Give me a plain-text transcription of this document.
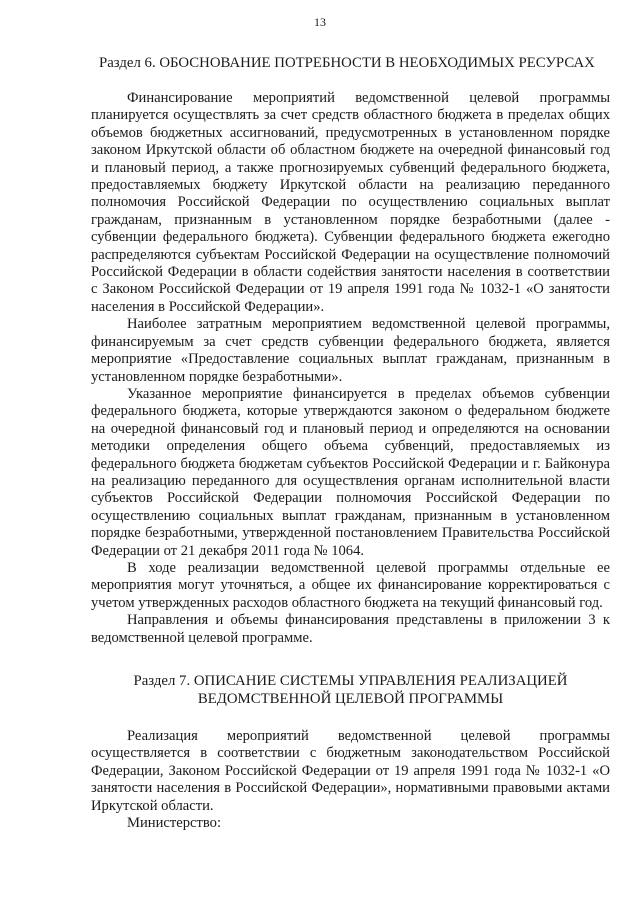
13
Раздел 6. ОБОСНОВАНИЕ ПОТРЕБНОСТИ В НЕОБХОДИМЫХ РЕСУРСАХ

Финансирование мероприятий ведомственной целевой программы планируется осуществлять за счет средств областного бюджета в пределах общих объемов бюджетных ассигнований, предусмотренных в установленном порядке законом Иркутской области об областном бюджете на очередной финансовый год и плановый период, а также прогнозируемых субвенций федерального бюджета, предоставляемых бюджету Иркутской области на реализацию переданного полномочия Российской Федерации по осуществлению социальных выплат гражданам, признанным в установленном порядке безработными (далее - субвенции федерального бюджета). Субвенции федерального бюджета ежегодно распределяются субъектам Российской Федерации на осуществление полномочий Российской Федерации в области содействия занятости населения в соответствии с Законом Российской Федерации от 19 апреля 1991 года № 1032-1 «О занятости населения в Российской Федерации».

Наиболее затратным мероприятием ведомственной целевой программы, финансируемым за счет средств субвенции федерального бюджета, является мероприятие «Предоставление социальных выплат гражданам, признанным в установленном порядке безработными».

Указанное мероприятие финансируется в пределах объемов субвенции федерального бюджета, которые утверждаются законом о федеральном бюджете на очередной финансовый год и плановый период и определяются на основании методики определения общего объема субвенций, предоставляемых из федерального бюджета бюджетам субъектов Российской Федерации и г. Байконура на реализацию переданного для осуществления органам исполнительной власти субъектов Российской Федерации полномочия Российской Федерации по осуществлению социальных выплат гражданам, признанным в установленном порядке безработными, утвержденной постановлением Правительства Российской Федерации от 21 декабря 2011 года № 1064.

В ходе реализации ведомственной целевой программы отдельные ее мероприятия могут уточняться, а общее их финансирование корректироваться с учетом утвержденных расходов областного бюджета на текущий финансовый год.

Направления и объемы финансирования представлены в приложении 3 к ведомственной целевой программе.

Раздел 7. ОПИСАНИЕ СИСТЕМЫ УПРАВЛЕНИЯ РЕАЛИЗАЦИЕЙ
ВЕДОМСТВЕННОЙ ЦЕЛЕВОЙ ПРОГРАММЫ

Реализация мероприятий ведомственной целевой программы осуществляется в соответствии с бюджетным законодательством Российской Федерации, Законом Российской Федерации от 19 апреля 1991 года № 1032-1 «О занятости населения в Российской Федерации», нормативными правовыми актами Иркутской области.

Министерство:
